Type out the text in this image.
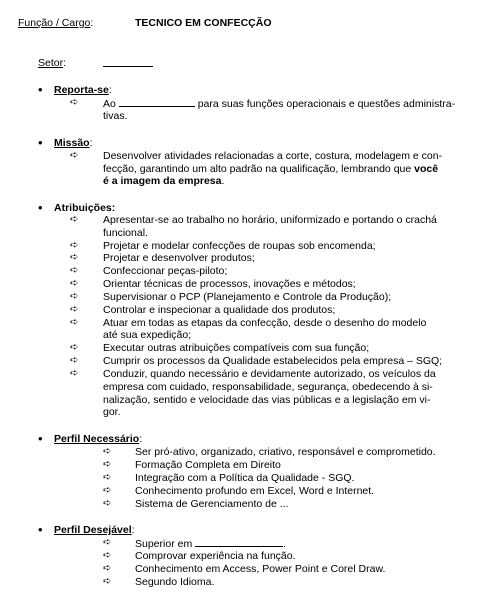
Função / Cargo:	TECNICO EM CONFECÇÃO
Setor:
• Reporta-se:
➪ Ao	para suas funções operacionais e questões administra-
tivas.
• Missão:
➪ Desenvolver atividades relacionadas a corte, costura, modelagem e con-
fecção, garantindo um alto padrão na qualificação, lembrando que você
é a imagem da empresa.
• Atribuições:
➪ Apresentar-se ao trabalho no horário, uniformizado e portando o crachá
funcional.
➪ Projetar e modelar confecções de roupas sob encomenda;
➪ Projetar e desenvolver produtos;
➪ Confeccionar peças-piloto;
➪ Orientar técnicas de processos, inovações e métodos;
➪ Supervisionar o PCP (Planejamento e Controle da Produção);
➪ Controlar e inspecionar a qualidade dos produtos;
➪ Atuar em todas as etapas da confecção, desde o desenho do modelo
até sua expedição;
➪ Executar outras atribuições compatíveis com sua função;
➪ Cumprir os processos da Qualidade estabelecidos pela empresa – SGQ;
➪ Conduzir, quando necessário e devidamente autorizado, os veículos da
empresa com cuidado, responsabilidade, segurança, obedecendo à si-
nalização, sentido e velocidade das vias públicas e a legislação em vi-
gor.
• Perfil Necessário:
➪ Ser pró-ativo, organizado, criativo, responsável e comprometido.
➪ Formação Completa em Direito
➪ Integração com a Política da Qualidade - SGQ.
➪ Conhecimento profundo em Excel, Word e Internet.
➪ Sistema de Gerenciamento de ...
• Perfil Desejável:
➪ Superior em	.
➪ Comprovar experiência na função.
➪ Conhecimento em Access, Power Point e Corel Draw.
➪ Segundo Idioma.
